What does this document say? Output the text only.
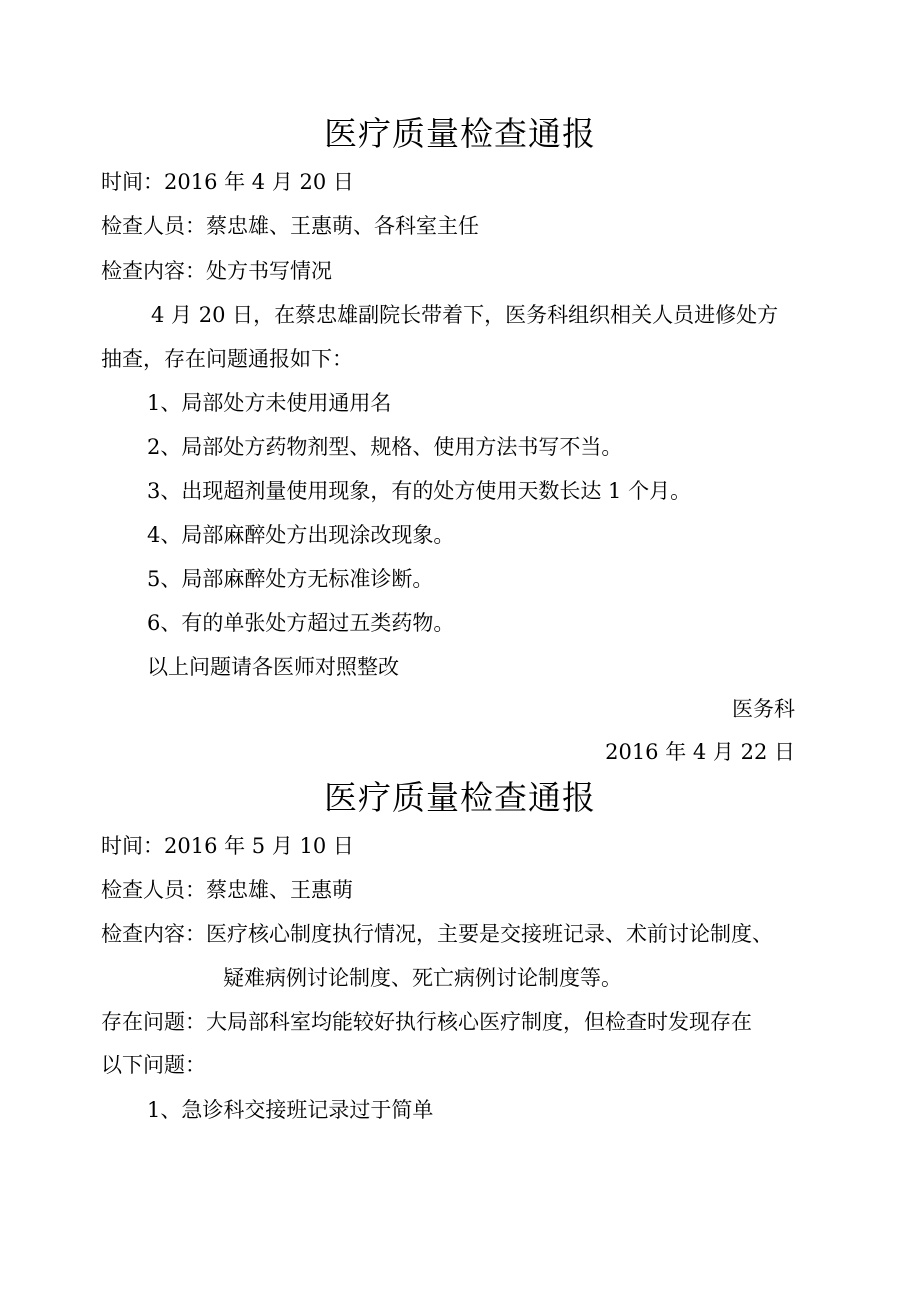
医疗质量检查通报
时间：2016 年 4 月 20 日
检查人员：蔡忠雄、王惠萌、各科室主任
检查内容：处方书写情况
4 月 20 日，在蔡忠雄副院长带着下，医务科组织相关人员进修处方
抽查，存在问题通报如下：
1、局部处方未使用通用名
2、局部处方药物剂型、规格、使用方法书写不当。
3、出现超剂量使用现象，有的处方使用天数长达 1 个月。
4、局部麻醉处方出现涂改现象。
5、局部麻醉处方无标准诊断。
6、有的单张处方超过五类药物。
以上问题请各医师对照整改
医务科
2016 年 4 月 22 日
医疗质量检查通报
时间：2016 年 5 月 10 日
检查人员：蔡忠雄、王惠萌
检查内容：医疗核心制度执行情况，主要是交接班记录、术前讨论制度、
疑难病例讨论制度、死亡病例讨论制度等。
存在问题：大局部科室均能较好执行核心医疗制度，但检查时发现存在
以下问题：
1、急诊科交接班记录过于简单
